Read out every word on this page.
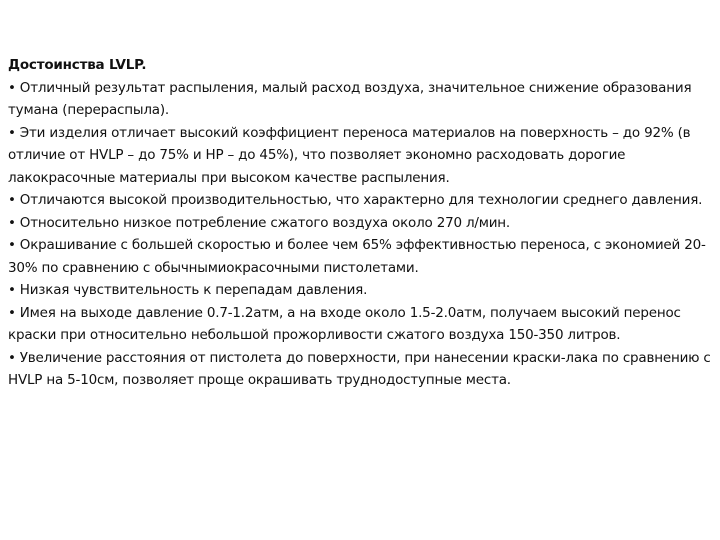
Достоинства LVLP.

• Отличный результат распыления, малый расход воздуха, значительное снижение образования тумана (перераспыла).

• Эти изделия отличает высокий коэффициент переноса материалов на поверхность – до 92% (в отличие от HVLP – до 75% и HP – до 45%), что позволяет экономно расходовать дорогие лакокрасочные материалы при высоком качестве распыления.

• Отличаются высокой производительностью, что характерно для технологии среднего давления.

• Относительно низкое потребление сжатого воздуха около 270 л/мин.

• Окрашивание с большей скоростью и более чем 65% эффективностью переноса, с экономией 20-30% по сравнению с обычнымиокрасочными пистолетами.

• Низкая чувствительность к перепадам давления.

• Имея на выходе давление 0.7-1.2атм, а на входе около 1.5-2.0атм, получаем высокий перенос краски при относительно небольшой прожорливости сжатого воздуха 150-350 литров.

• Увеличение расстояния от пистолета до поверхности, при нанесении краски-лака по сравнению с HVLP на 5-10см, позволяет проще окрашивать труднодоступные места.
